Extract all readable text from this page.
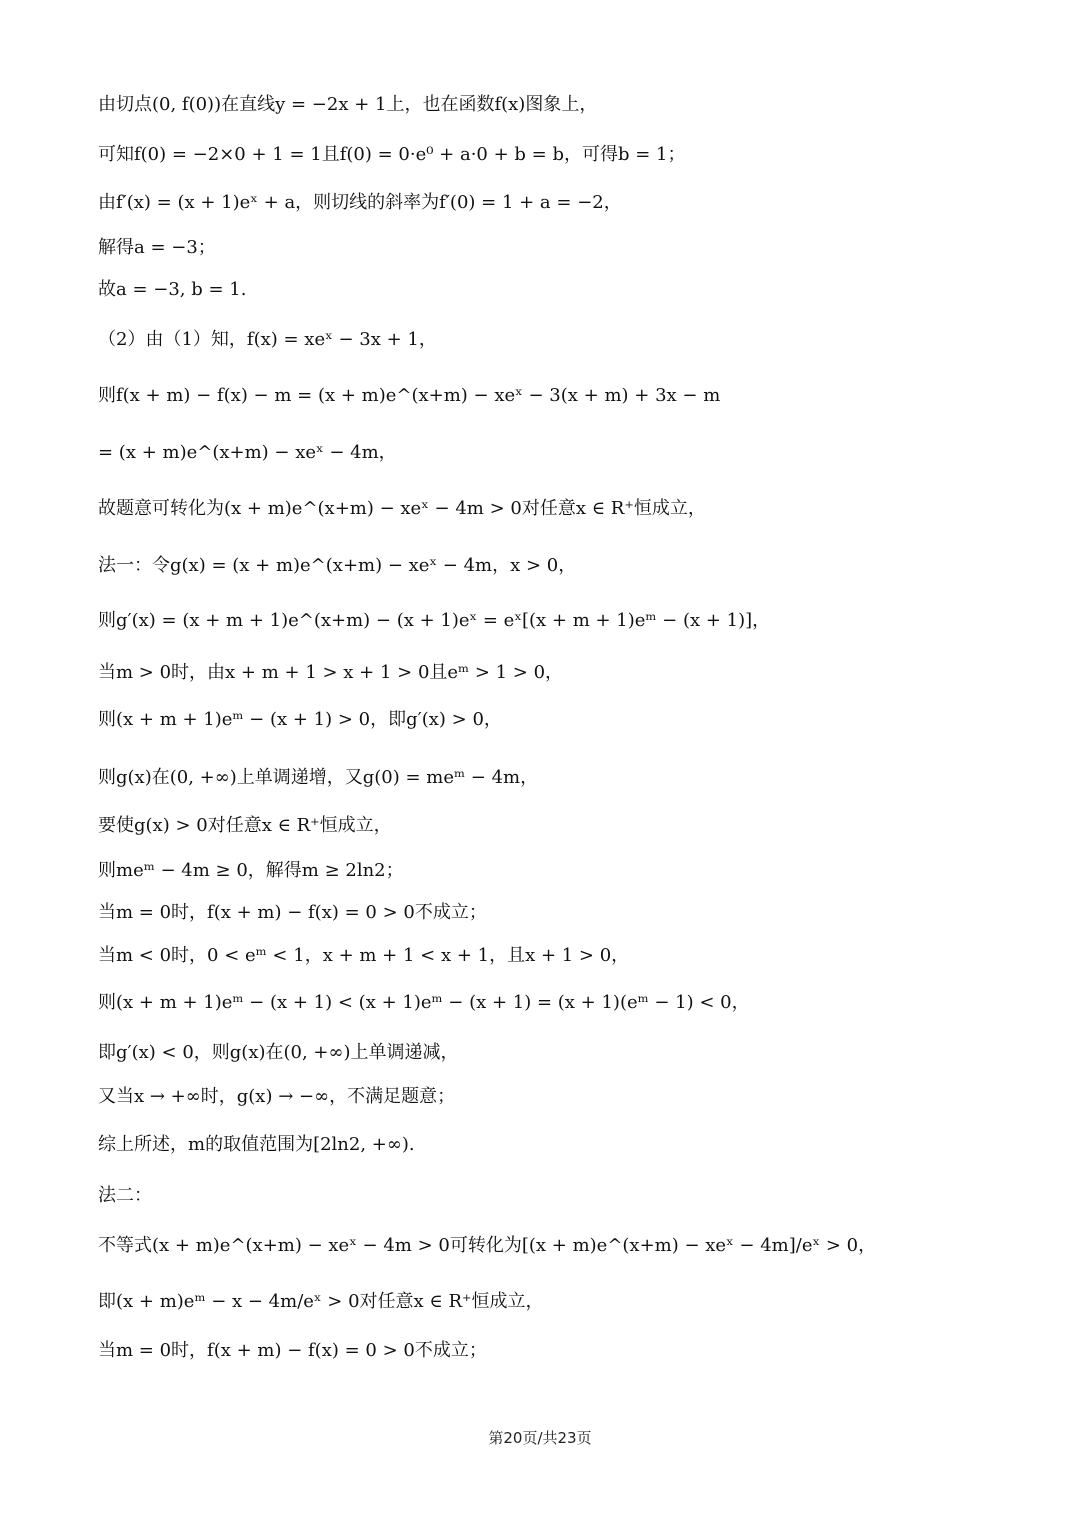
由切点(0, f(0))在直线y = −2x + 1上，也在函数f(x)图象上，
可知f(0) = −2×0 + 1 = 1且f(0) = 0·e⁰ + a·0 + b = b，可得b = 1；
由f′(x) = (x + 1)eˣ + a，则切线的斜率为f′(0) = 1 + a = −2，
解得a = −3；
故a = −3, b = 1.
（2）由（1）知，f(x) = xeˣ − 3x + 1，
则f(x + m) − f(x) − m = (x + m)e^(x+m) − xeˣ − 3(x + m) + 3x − m
= (x + m)e^(x+m) − xeˣ − 4m，
故题意可转化为(x + m)e^(x+m) − xeˣ − 4m > 0对任意x ∈ R⁺恒成立，
法一：令g(x) = (x + m)e^(x+m) − xeˣ − 4m，x > 0，
则g′(x) = (x + m + 1)e^(x+m) − (x + 1)eˣ = eˣ[(x + m + 1)eᵐ − (x + 1)]，
当m > 0时，由x + m + 1 > x + 1 > 0且eᵐ > 1 > 0，
则(x + m + 1)eᵐ − (x + 1) > 0，即g′(x) > 0，
则g(x)在(0, +∞)上单调递增，又g(0) = meᵐ − 4m，
要使g(x) > 0对任意x ∈ R⁺恒成立，
则meᵐ − 4m ≥ 0，解得m ≥ 2ln2；
当m = 0时，f(x + m) − f(x) = 0 > 0不成立；
当m < 0时，0 < eᵐ < 1，x + m + 1 < x + 1，且x + 1 > 0，
则(x + m + 1)eᵐ − (x + 1) < (x + 1)eᵐ − (x + 1) = (x + 1)(eᵐ − 1) < 0，
即g′(x) < 0，则g(x)在(0, +∞)上单调递减，
又当x → +∞时，g(x) → −∞，不满足题意；
综上所述，m的取值范围为[2ln2, +∞).
法二：
不等式(x + m)e^(x+m) − xeˣ − 4m > 0可转化为[(x + m)e^(x+m) − xeˣ − 4m]/eˣ > 0，
即(x + m)eᵐ − x − 4m/eˣ > 0对任意x ∈ R⁺恒成立，
当m = 0时，f(x + m) − f(x) = 0 > 0不成立；
第20页/共23页
